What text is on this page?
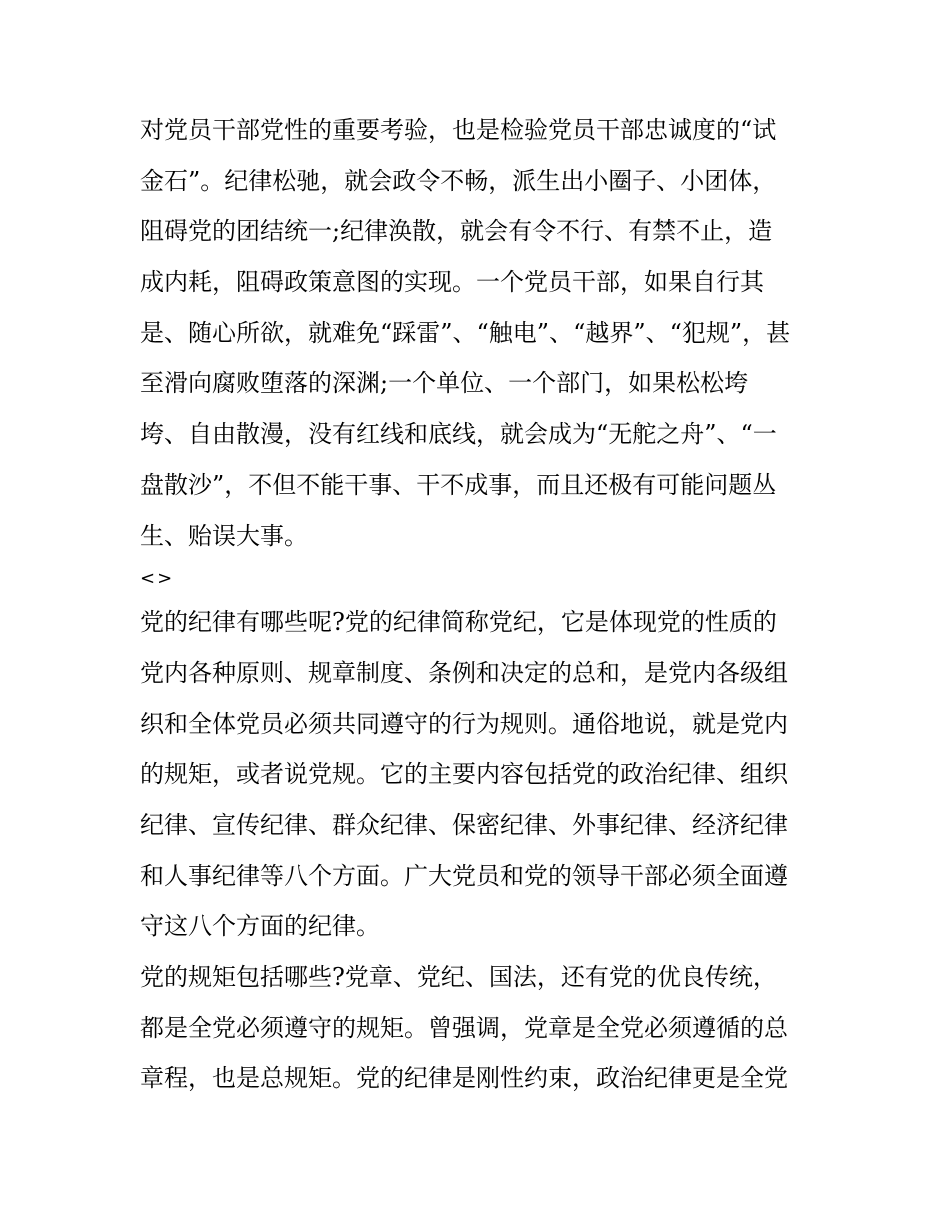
对党员干部党性的重要考验，也是检验党员干部忠诚度的“试
金石”。纪律松驰，就会政令不畅，派生出小圈子、小团体，
阻碍党的团结统一;纪律涣散，就会有令不行、有禁不止，造
成内耗，阻碍政策意图的实现。一个党员干部，如果自行其
是、随心所欲，就难免“踩雷”、“触电”、“越界”、“犯规”，甚
至滑向腐败堕落的深渊;一个单位、一个部门，如果松松垮
垮、自由散漫，没有红线和底线，就会成为“无舵之舟”、“一
盘散沙”，不但不能干事、干不成事，而且还极有可能问题丛
生、贻误大事。
<>
党的纪律有哪些呢?党的纪律简称党纪，它是体现党的性质的
党内各种原则、规章制度、条例和决定的总和，是党内各级组
织和全体党员必须共同遵守的行为规则。通俗地说，就是党内
的规矩，或者说党规。它的主要内容包括党的政治纪律、组织
纪律、宣传纪律、群众纪律、保密纪律、外事纪律、经济纪律
和人事纪律等八个方面。广大党员和党的领导干部必须全面遵
守这八个方面的纪律。
党的规矩包括哪些?党章、党纪、国法，还有党的优良传统，
都是全党必须遵守的规矩。曾强调，党章是全党必须遵循的总
章程，也是总规矩。党的纪律是刚性约束，政治纪律更是全党
